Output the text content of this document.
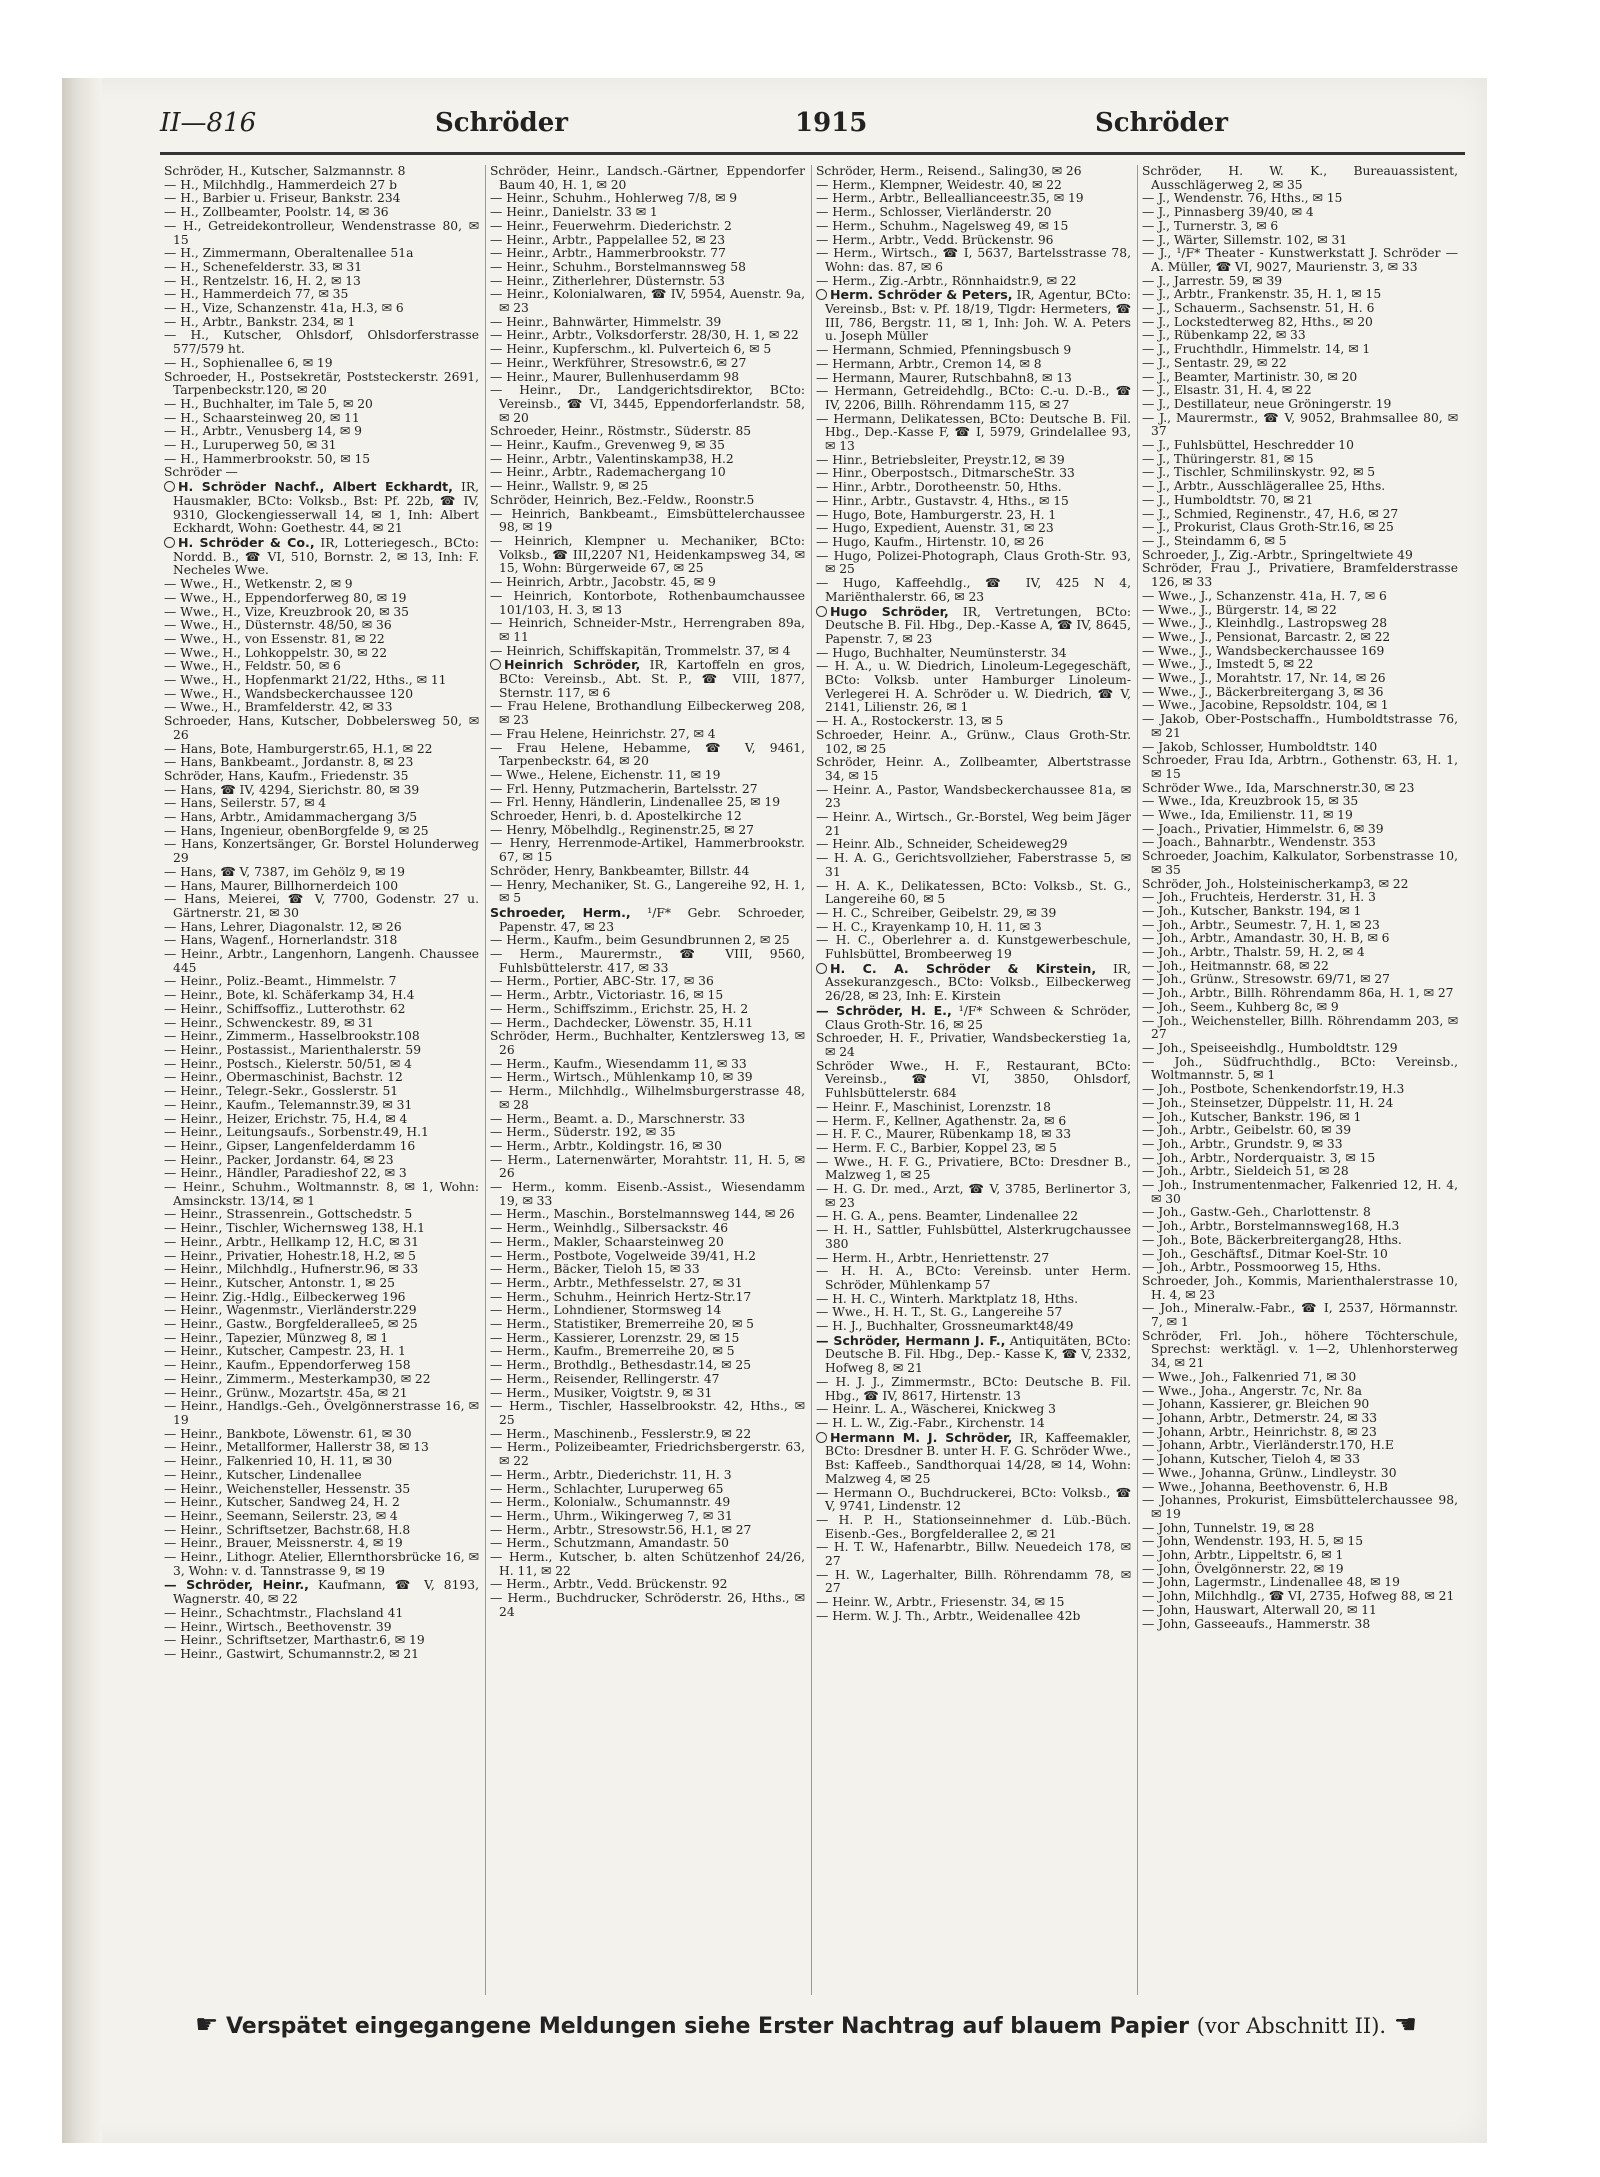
II—816	Schröder	1915	Schröder
Schröder, H., Kutscher, Salzmannstr. 8
— H., Milchhdlg., Hammerdeich 27 b
— H., Barbier u. Friseur, Bankstr. 234
— H., Zollbeamter, Poolstr. 14, ✉ 36
— H., Getreidekontrolleur, Wendenstrasse 80, ✉ 15
— H., Zimmermann, Oberaltenallee 51a
— H., Schenefelderstr. 33, ✉ 31
— H., Rentzelstr. 16, H. 2, ✉ 13
— H., Hammerdeich 77, ✉ 35
— H., Vize, Schanzenstr. 41a, H.3, ✉ 6
— H., Arbtr., Bankstr. 234, ✉ 1
— H., Kutscher, Ohlsdorf, Ohlsdorferstrasse 577/579 ht.
— H., Sophienallee 6, ✉ 19
Schroeder, H., Postsekretär, Poststeckerstr. 2691, Tarpenbeckstr.120, ✉ 20
— H., Buchhalter, im Tale 5, ✉ 20
— H., Schaarsteinweg 20, ✉ 11
— H., Arbtr., Venusberg 14, ✉ 9
— H., Luruperweg 50, ✉ 31
— H., Hammerbrookstr. 50, ✉ 15
Schröder —
H. Schröder Nachf., Albert Eckhardt, IR, Hausmakler, BCto: Volksb., Bst: Pf. 22b, ☎ IV, 9310, Glockengiesserwall 14, ✉ 1, Inh: Albert Eckhardt, Wohn: Goethestr. 44, ✉ 21
H. Schröder & Co., IR, Lotteriegesch., BCto: Nordd. B., ☎ VI, 510, Bornstr. 2, ✉ 13, Inh: F. Necheles Wwe.
— Wwe., H., Wetkenstr. 2, ✉ 9
— Wwe., H., Eppendorferweg 80, ✉ 19
— Wwe., H., Vize, Kreuzbrook 20, ✉ 35
— Wwe., H., Düsternstr. 48/50, ✉ 36
— Wwe., H., von Essenstr. 81, ✉ 22
— Wwe., H., Lohkoppelstr. 30, ✉ 22
— Wwe., H., Feldstr. 50, ✉ 6
— Wwe., H., Hopfenmarkt 21/22, Hths., ✉ 11
— Wwe., H., Wandsbeckerchaussee 120
— Wwe., H., Bramfelderstr. 42, ✉ 33
Schroeder, Hans, Kutscher, Dobbelersweg 50, ✉ 26
— Hans, Bote, Hamburgerstr.65, H.1, ✉ 22
— Hans, Bankbeamt., Jordanstr. 8, ✉ 23
Schröder, Hans, Kaufm., Friedenstr. 35
— Hans, ☎ IV, 4294, Sierichstr. 80, ✉ 39
— Hans, Seilerstr. 57, ✉ 4
— Hans, Arbtr., Amidammachergang 3/5
— Hans, Ingenieur, obenBorgfelde 9, ✉ 25
— Hans, Konzertsänger, Gr. Borstel Holunderweg 29
— Hans, ☎ V, 7387, im Gehölz 9, ✉ 19
— Hans, Maurer, Billhornerdeich 100
— Hans, Meierei, ☎ V, 7700, Godenstr. 27 u. Gärtnerstr. 21, ✉ 30
— Hans, Lehrer, Diagonalstr. 12, ✉ 26
— Hans, Wagenf., Hornerlandstr. 318
— Heinr., Arbtr., Langenhorn, Langenh. Chaussee 445
— Heinr., Poliz.-Beamt., Himmelstr. 7
— Heinr., Bote, kl. Schäferkamp 34, H.4
— Heinr., Schiffsoffiz., Lutterothstr. 62
— Heinr., Schwenckestr. 89, ✉ 31
— Heinr., Zimmerm., Hasselbrookstr.108
— Heinr., Postassist., Marienthalerstr. 59
— Heinr., Postsch., Kielerstr. 50/51, ✉ 4
— Heinr., Obermaschinist, Bachstr. 12
— Heinr., Telegr.-Sekr., Gosslerstr. 51
— Heinr., Kaufm., Telemannstr.39, ✉ 31
— Heinr., Heizer, Erichstr. 75, H.4, ✉ 4
— Heinr., Leitungsaufs., Sorbenstr.49, H.1
— Heinr., Gipser, Langenfelderdamm 16
— Heinr., Packer, Jordanstr. 64, ✉ 23
— Heinr., Händler, Paradieshof 22, ✉ 3
— Heinr., Schuhm., Woltmannstr. 8, ✉ 1, Wohn: Amsinckstr. 13/14, ✉ 1
— Heinr., Strassenrein., Gottschedstr. 5
— Heinr., Tischler, Wichernsweg 138, H.1
— Heinr., Arbtr., Hellkamp 12, H.C, ✉ 31
— Heinr., Privatier, Hohestr.18, H.2, ✉ 5
— Heinr., Milchhdlg., Hufnerstr.96, ✉ 33
— Heinr., Kutscher, Antonstr. 1, ✉ 25
— Heinr. Zig.-Hdlg., Eilbeckerweg 196
— Heinr., Wagenmstr., Vierländerstr.229
— Heinr., Gastw., Borgfelderallee5, ✉ 25
— Heinr., Tapezier, Münzweg 8, ✉ 1
— Heinr., Kutscher, Campestr. 23, H. 1
— Heinr., Kaufm., Eppendorferweg 158
— Heinr., Zimmerm., Mesterkamp30, ✉ 22
— Heinr., Grünw., Mozartstr. 45a, ✉ 21
— Heinr., Handlgs.-Geh., Övelgönnerstrasse 16, ✉ 19
— Heinr., Bankbote, Löwenstr. 61, ✉ 30
— Heinr., Metallformer, Hallerstr 38, ✉ 13
— Heinr., Falkenried 10, H. 11, ✉ 30
— Heinr., Kutscher, Lindenallee
— Heinr., Weichensteller, Hessenstr. 35
— Heinr., Kutscher, Sandweg 24, H. 2
— Heinr., Seemann, Seilerstr. 23, ✉ 4
— Heinr., Schriftsetzer, Bachstr.68, H.8
— Heinr., Brauer, Meissnerstr. 4, ✉ 19
— Heinr., Lithogr. Atelier, Ellernthorsbrücke 16, ✉ 3, Wohn: v. d. Tannstrasse 9, ✉ 19
— Schröder, Heinr., Kaufmann, ☎ V, 8193, Wagnerstr. 40, ✉ 22
— Heinr., Schachtmstr., Flachsland 41
— Heinr., Wirtsch., Beethovenstr. 39
— Heinr., Schriftsetzer, Marthastr.6, ✉ 19
— Heinr., Gastwirt, Schumannstr.2, ✉ 21
Schröder, Heinr., Landsch.-Gärtner, Eppendorfer Baum 40, H. 1, ✉ 20
— Heinr., Schuhm., Hohlerweg 7/8, ✉ 9
— Heinr., Danielstr. 33 ✉ 1
— Heinr., Feuerwehrm. Diederichstr. 2
— Heinr., Arbtr., Pappelallee 52, ✉ 23
— Heinr., Arbtr., Hammerbrookstr. 77
— Heinr., Schuhm., Borstelmannsweg 58
— Heinr., Zitherlehrer, Düsternstr. 53
— Heinr., Kolonialwaren, ☎ IV, 5954, Auenstr. 9a, ✉ 23
— Heinr., Bahnwärter, Himmelstr. 39
— Heinr., Arbtr., Volksdorferstr. 28/30, H. 1, ✉ 22
— Heinr., Kupferschm., kl. Pulverteich 6, ✉ 5
— Heinr., Werkführer, Stresowstr.6, ✉ 27
— Heinr., Maurer, Bullenhuserdamm 98
— Heinr., Dr., Landgerichtsdirektor, BCto: Vereinsb., ☎ VI, 3445, Eppendorferlandstr. 58, ✉ 20
Schroeder, Heinr., Röstmstr., Süderstr. 85
— Heinr., Kaufm., Grevenweg 9, ✉ 35
— Heinr., Arbtr., Valentinskamp38, H.2
— Heinr., Arbtr., Rademachergang 10
— Heinr., Wallstr. 9, ✉ 25
Schröder, Heinrich, Bez.-Feldw., Roonstr.5
— Heinrich, Bankbeamt., Eimsbüttelerchaussee 98, ✉ 19
— Heinrich, Klempner u. Mechaniker, BCto: Volksb., ☎ III,2207 N1, Heidenkampsweg 34, ✉ 15, Wohn: Bürgerweide 67, ✉ 25
— Heinrich, Arbtr., Jacobstr. 45, ✉ 9
— Heinrich, Kontorbote, Rothenbaumchaussee 101/103, H. 3, ✉ 13
— Heinrich, Schneider-Mstr., Herrengraben 89a, ✉ 11
— Heinrich, Schiffskapitän, Trommelstr. 37, ✉ 4
Heinrich Schröder, IR, Kartoffeln en gros, BCto: Vereinsb., Abt. St. P., ☎ VIII, 1877, Sternstr. 117, ✉ 6
— Frau Helene, Brothandlung Eilbeckerweg 208, ✉ 23
— Frau Helene, Heinrichstr. 27, ✉ 4
— Frau Helene, Hebamme, ☎ V, 9461, Tarpenbeckstr. 64, ✉ 20
— Wwe., Helene, Eichenstr. 11, ✉ 19
— Frl. Henny, Putzmacherin, Bartelsstr. 27
— Frl. Henny, Händlerin, Lindenallee 25, ✉ 19
Schroeder, Henri, b. d. Apostelkirche 12
— Henry, Möbelhdlg., Reginenstr.25, ✉ 27
— Henry, Herrenmode-Artikel, Hammerbrookstr. 67, ✉ 15
Schröder, Henry, Bankbeamter, Billstr. 44
— Henry, Mechaniker, St. G., Langereihe 92, H. 1, ✉ 5
Schroeder, Herm., ¹/F* Gebr. Schroeder, Papenstr. 47, ✉ 23
— Herm., Kaufm., beim Gesundbrunnen 2, ✉ 25
— Herm., Maurermstr., ☎ VIII, 9560, Fuhlsbüttelerstr. 417, ✉ 33
— Herm., Portier, ABC-Str. 17, ✉ 36
— Herm., Arbtr., Victoriastr. 16, ✉ 15
— Herm., Schiffszimm., Erichstr. 25, H. 2
— Herm., Dachdecker, Löwenstr. 35, H.11
Schröder, Herm., Buchhalter, Kentzlersweg 13, ✉ 26
— Herm., Kaufm., Wiesendamm 11, ✉ 33
— Herm., Wirtsch., Mühlenkamp 10, ✉ 39
— Herm., Milchhdlg., Wilhelmsburgerstrasse 48, ✉ 28
— Herm., Beamt. a. D., Marschnerstr. 33
— Herm., Süderstr. 192, ✉ 35
— Herm., Arbtr., Koldingstr. 16, ✉ 30
— Herm., Laternenwärter, Morahtstr. 11, H. 5, ✉ 26
— Herm., komm. Eisenb.-Assist., Wiesendamm 19, ✉ 33
— Herm., Maschin., Borstelmannsweg 144, ✉ 26
— Herm., Weinhdlg., Silbersackstr. 46
— Herm., Makler, Schaarsteinweg 20
— Herm., Postbote, Vogelweide 39/41, H.2
— Herm., Bäcker, Tieloh 15, ✉ 33
— Herm., Arbtr., Methfesselstr. 27, ✉ 31
— Herm., Schuhm., Heinrich Hertz-Str.17
— Herm., Lohndiener, Stormsweg 14
— Herm., Statistiker, Bremerreihe 20, ✉ 5
— Herm., Kassierer, Lorenzstr. 29, ✉ 15
— Herm., Kaufm., Bremerreihe 20, ✉ 5
— Herm., Brothdlg., Bethesdastr.14, ✉ 25
— Herm., Reisender, Rellingerstr. 47
— Herm., Musiker, Voigtstr. 9, ✉ 31
— Herm., Tischler, Hasselbrookstr. 42, Hths., ✉ 25
— Herm., Maschinenb., Fesslerstr.9, ✉ 22
— Herm., Polizeibeamter, Friedrichsbergerstr. 63, ✉ 22
— Herm., Arbtr., Diederichstr. 11, H. 3
— Herm., Schlachter, Luruperweg 65
— Herm., Kolonialw., Schumannstr. 49
— Herm., Uhrm., Wikingerweg 7, ✉ 31
— Herm., Arbtr., Stresowstr.56, H.1, ✉ 27
— Herm., Schutzmann, Amandastr. 50
— Herm., Kutscher, b. alten Schützenhof 24/26, H. 11, ✉ 22
— Herm., Arbtr., Vedd. Brückenstr. 92
— Herm., Buchdrucker, Schröderstr. 26, Hths., ✉ 24
Schröder, Herm., Reisend., Saling30, ✉ 26
— Herm., Klempner, Weidestr. 40, ✉ 22
— Herm., Arbtr., Belleallianceestr.35, ✉ 19
— Herm., Schlosser, Vierländerstr. 20
— Herm., Schuhm., Nagelsweg 49, ✉ 15
— Herm., Arbtr., Vedd. Brückenstr. 96
— Herm., Wirtsch., ☎ I, 5637, Bartelsstrasse 78, Wohn: das. 87, ✉ 6
— Herm., Zig.-Arbtr., Rönnhaidstr.9, ✉ 22
Herm. Schröder & Peters, IR, Agentur, BCto: Vereinsb., Bst: v. Pf. 18/19, Tlgdr: Hermeters, ☎ III, 786, Bergstr. 11, ✉ 1, Inh: Joh. W. A. Peters u. Joseph Müller
— Hermann, Schmied, Pfenningsbusch 9
— Hermann, Arbtr., Cremon 14, ✉ 8
— Hermann, Maurer, Rutschbahn8, ✉ 13
— Hermann, Getreidehdlg., BCto: C.-u. D.-B., ☎ IV, 2206, Billh. Röhrendamm 115, ✉ 27
— Hermann, Delikatessen, BCto: Deutsche B. Fil. Hbg., Dep.-Kasse F, ☎ I, 5979, Grindelallee 93, ✉ 13
— Hinr., Betriebsleiter, Preystr.12, ✉ 39
— Hinr., Oberpostsch., DitmarscheStr. 33
— Hinr., Arbtr., Dorotheenstr. 50, Hths.
— Hinr., Arbtr., Gustavstr. 4, Hths., ✉ 15
— Hugo, Bote, Hamburgerstr. 23, H. 1
— Hugo, Expedient, Auenstr. 31, ✉ 23
— Hugo, Kaufm., Hirtenstr. 10, ✉ 26
— Hugo, Polizei-Photograph, Claus Groth-Str. 93, ✉ 25
— Hugo, Kaffeehdlg., ☎ IV, 425 N 4, Mariënthalerstr. 66, ✉ 23
Hugo Schröder, IR, Vertretungen, BCto: Deutsche B. Fil. Hbg., Dep.-Kasse A, ☎ IV, 8645, Papenstr. 7, ✉ 23
— Hugo, Buchhalter, Neumünsterstr. 34
— H. A., u. W. Diedrich, Linoleum-Legegeschäft, BCto: Volksb. unter Hamburger Linoleum-Verlegerei H. A. Schröder u. W. Diedrich, ☎ V, 2141, Lilienstr. 26, ✉ 1
— H. A., Rostockerstr. 13, ✉ 5
Schroeder, Heinr. A., Grünw., Claus Groth-Str. 102, ✉ 25
Schröder, Heinr. A., Zollbeamter, Albertstrasse 34, ✉ 15
— Heinr. A., Pastor, Wandsbeckerchaussee 81a, ✉ 23
— Heinr. A., Wirtsch., Gr.-Borstel, Weg beim Jäger 21
— Heinr. Alb., Schneider, Scheideweg29
— H. A. G., Gerichtsvollzieher, Faberstrasse 5, ✉ 31
— H. A. K., Delikatessen, BCto: Volksb., St. G., Langereihe 60, ✉ 5
— H. C., Schreiber, Geibelstr. 29, ✉ 39
— H. C., Krayenkamp 10, H. 11, ✉ 3
— H. C., Oberlehrer a. d. Kunstgewerbeschule, Fuhlsbüttel, Brombeerweg 19
H. C. A. Schröder & Kirstein, IR, Assekuranzgesch., BCto: Volksb., Eilbeckerweg 26/28, ✉ 23, Inh: E. Kirstein
— Schröder, H. E., ¹/F* Schween & Schröder, Claus Groth-Str. 16, ✉ 25
Schroeder, H. F., Privatier, Wandsbeckerstieg 1a, ✉ 24
Schröder Wwe., H. F., Restaurant, BCto: Vereinsb., ☎ VI, 3850, Ohlsdorf, Fuhlsbüttelerstr. 684
— Heinr. F., Maschinist, Lorenzstr. 18
— Herm. F., Kellner, Agathenstr. 2a, ✉ 6
— H. F. C., Maurer, Rübenkamp 18, ✉ 33
— Herm. F. C., Barbier, Koppel 23, ✉ 5
— Wwe., H. F. G., Privatiere, BCto: Dresdner B., Malzweg 1, ✉ 25
— H. G. Dr. med., Arzt, ☎ V, 3785, Berlinertor 3, ✉ 23
— H. G. A., pens. Beamter, Lindenallee 22
— H. H., Sattler, Fuhlsbüttel, Alsterkrugchaussee 380
— Herm. H., Arbtr., Henriettenstr. 27
— H. H. A., BCto: Vereinsb. unter Herm. Schröder, Mühlenkamp 57
— H. H. C., Winterh. Marktplatz 18, Hths.
— Wwe., H. H. T., St. G., Langereihe 57
— H. J., Buchhalter, Grossneumarkt48/49
— Schröder, Hermann J. F., Antiquitäten, BCto: Deutsche B. Fil. Hbg., Dep.- Kasse K, ☎ V, 2332, Hofweg 8, ✉ 21
— H. J. J., Zimmermstr., BCto: Deutsche B. Fil. Hbg., ☎ IV, 8617, Hirtenstr. 13
— Heinr. L. A., Wäscherei, Knickweg 3
— H. L. W., Zig.-Fabr., Kirchenstr. 14
Hermann M. J. Schröder, IR, Kaffeemakler, BCto: Dresdner B. unter H. F. G. Schröder Wwe., Bst: Kaffeeb., Sandthorquai 14/28, ✉ 14, Wohn: Malzweg 4, ✉ 25
— Hermann O., Buchdruckerei, BCto: Volksb., ☎ V, 9741, Lindenstr. 12
— H. P. H., Stationseinnehmer d. Lüb.-Büch. Eisenb.-Ges., Borgfelderallee 2, ✉ 21
— H. T. W., Hafenarbtr., Billw. Neuedeich 178, ✉ 27
— H. W., Lagerhalter, Billh. Röhrendamm 78, ✉ 27
— Heinr. W., Arbtr., Friesenstr. 34, ✉ 15
— Herm. W. J. Th., Arbtr., Weidenallee 42b
Schröder, H. W. K., Bureauassistent, Ausschlägerweg 2, ✉ 35
— J., Wendenstr. 76, Hths., ✉ 15
— J., Pinnasberg 39/40, ✉ 4
— J., Turnerstr. 3, ✉ 6
— J., Wärter, Sillemstr. 102, ✉ 31
— J., ¹/F* Theater - Kunstwerkstatt J. Schröder — A. Müller, ☎ VI, 9027, Maurienstr. 3, ✉ 33
— J., Jarrestr. 59, ✉ 39
— J., Arbtr., Frankenstr. 35, H. 1, ✉ 15
— J., Schauerm., Sachsenstr. 51, H. 6
— J., Lockstedterweg 82, Hths., ✉ 20
— J., Rübenkamp 22, ✉ 33
— J., Fruchthdlr., Himmelstr. 14, ✉ 1
— J., Sentastr. 29, ✉ 22
— J., Beamter, Martinistr. 30, ✉ 20
— J., Elsastr. 31, H. 4, ✉ 22
— J., Destillateur, neue Gröningerstr. 19
— J., Maurermstr., ☎ V, 9052, Brahmsallee 80, ✉ 37
— J., Fuhlsbüttel, Heschredder 10
— J., Thüringerstr. 81, ✉ 15
— J., Tischler, Schmilinskystr. 92, ✉ 5
— J., Arbtr., Ausschlägerallee 25, Hths.
— J., Humboldtstr. 70, ✉ 21
— J., Schmied, Reginenstr., 47, H.6, ✉ 27
— J., Prokurist, Claus Groth-Str.16, ✉ 25
— J., Steindamm 6, ✉ 5
Schroeder, J., Zig.-Arbtr., Springeltwiete 49
Schröder, Frau J., Privatiere, Bramfelderstrasse 126, ✉ 33
— Wwe., J., Schanzenstr. 41a, H. 7, ✉ 6
— Wwe., J., Bürgerstr. 14, ✉ 22
— Wwe., J., Kleinhdlg., Lastropsweg 28
— Wwe., J., Pensionat, Barcastr. 2, ✉ 22
— Wwe., J., Wandsbeckerchaussee 169
— Wwe., J., Imstedt 5, ✉ 22
— Wwe., J., Morahtstr. 17, Nr. 14, ✉ 26
— Wwe., J., Bäckerbreitergang 3, ✉ 36
— Wwe., Jacobine, Repsoldstr. 104, ✉ 1
— Jakob, Ober-Postschaffn., Humboldtstrasse 76, ✉ 21
— Jakob, Schlosser, Humboldtstr. 140
Schroeder, Frau Ida, Arbtrn., Gothenstr. 63, H. 1, ✉ 15
Schröder Wwe., Ida, Marschnerstr.30, ✉ 23
— Wwe., Ida, Kreuzbrook 15, ✉ 35
— Wwe., Ida, Emilienstr. 11, ✉ 19
— Joach., Privatier, Himmelstr. 6, ✉ 39
— Joach., Bahnarbtr., Wendenstr. 353
Schroeder, Joachim, Kalkulator, Sorbenstrasse 10, ✉ 35
Schröder, Joh., Holsteinischerkamp3, ✉ 22
— Joh., Fruchteis, Herderstr. 31, H. 3
— Joh., Kutscher, Bankstr. 194, ✉ 1
— Joh., Arbtr., Seumestr. 7, H. 1, ✉ 23
— Joh., Arbtr., Amandastr. 30, H. B, ✉ 6
— Joh., Arbtr., Thalstr. 59, H. 2, ✉ 4
— Joh., Heitmannstr. 68, ✉ 22
— Joh., Grünw., Stresowstr. 69/71, ✉ 27
— Joh., Arbtr., Billh. Röhrendamm 86a, H. 1, ✉ 27
— Joh., Seem., Kuhberg 8c, ✉ 9
— Joh., Weichensteller, Billh. Röhrendamm 203, ✉ 27
— Joh., Speiseeishdlg., Humboldtstr. 129
— Joh., Südfruchthdlg., BCto: Vereinsb., Woltmannstr. 5, ✉ 1
— Joh., Postbote, Schenkendorfstr.19, H.3
— Joh., Steinsetzer, Düppelstr. 11, H. 24
— Joh., Kutscher, Bankstr. 196, ✉ 1
— Joh., Arbtr., Geibelstr. 60, ✉ 39
— Joh., Arbtr., Grundstr. 9, ✉ 33
— Joh., Arbtr., Norderquaistr. 3, ✉ 15
— Joh., Arbtr., Sieldeich 51, ✉ 28
— Joh., Instrumentenmacher, Falkenried 12, H. 4, ✉ 30
— Joh., Gastw.-Geh., Charlottenstr. 8
— Joh., Arbtr., Borstelmannsweg168, H.3
— Joh., Bote, Bäckerbreitergang28, Hths.
— Joh., Geschäftsf., Ditmar Koel-Str. 10
— Joh., Arbtr., Possmoorweg 15, Hths.
Schroeder, Joh., Kommis, Marienthalerstrasse 10, H. 4, ✉ 23
— Joh., Mineralw.-Fabr., ☎ I, 2537, Hörmannstr. 7, ✉ 1
Schröder, Frl. Joh., höhere Töchterschule, Sprechst: werktägl. v. 1—2, Uhlenhorsterweg 34, ✉ 21
— Wwe., Joh., Falkenried 71, ✉ 30
— Wwe., Joha., Angerstr. 7c, Nr. 8a
— Johann, Kassierer, gr. Bleichen 90
— Johann, Arbtr., Detmerstr. 24, ✉ 33
— Johann, Arbtr., Heinrichstr. 8, ✉ 23
— Johann, Arbtr., Vierländerstr.170, H.E
— Johann, Kutscher, Tieloh 4, ✉ 33
— Wwe., Johanna, Grünw., Lindleystr. 30
— Wwe., Johanna, Beethovenstr. 6, H.B
— Johannes, Prokurist, Eimsbüttelerchaussee 98, ✉ 19
— John, Tunnelstr. 19, ✉ 28
— John, Wendenstr. 193, H. 5, ✉ 15
— John, Arbtr., Lippeltstr. 6, ✉ 1
— John, Övelgönnerstr. 22, ✉ 19
— John, Lagermstr., Lindenallee 48, ✉ 19
— John, Milchhdlg., ☎ VI, 2735, Hofweg 88, ✉ 21
— John, Hauswart, Alterwall 20, ✉ 11
— John, Gasseeaufs., Hammerstr. 38
☛ Verspätet eingegangene Meldungen siehe Erster Nachtrag auf blauem Papier (vor Abschnitt II). ☚
